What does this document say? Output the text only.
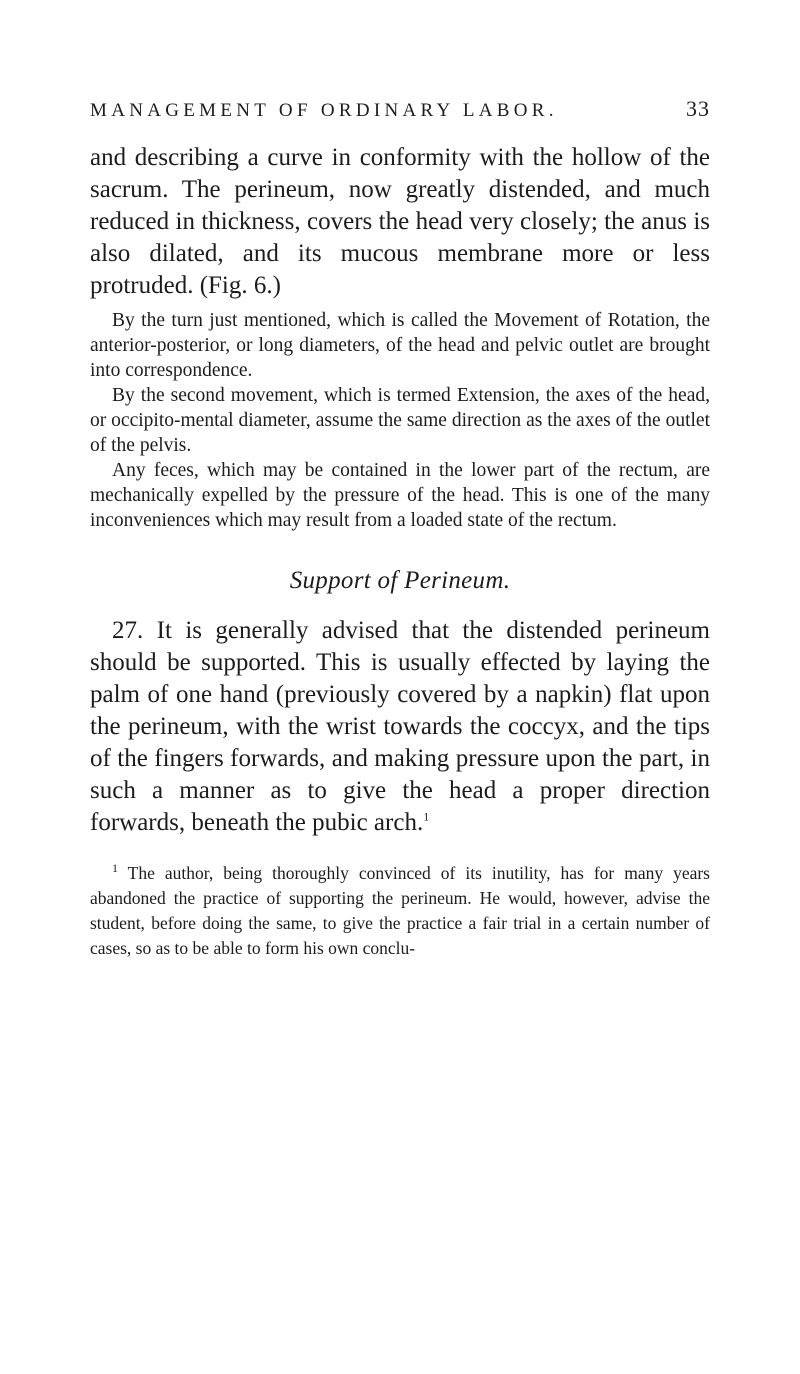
MANAGEMENT OF ORDINARY LABOR.	33

and describing a curve in conformity with the hollow of the sacrum. The perineum, now greatly distended, and much reduced in thickness, covers the head very closely; the anus is also dilated, and its mucous membrane more or less protruded. (Fig. 6.)

By the turn just mentioned, which is called the Movement of Rotation, the anterior-posterior, or long diameters, of the head and pelvic outlet are brought into correspondence.

By the second movement, which is termed Extension, the axes of the head, or occipito-mental diameter, assume the same direction as the axes of the outlet of the pelvis.

Any feces, which may be contained in the lower part of the rectum, are mechanically expelled by the pressure of the head. This is one of the many inconveniences which may result from a loaded state of the rectum.

Support of Perineum.

27. It is generally advised that the distended perineum should be supported. This is usually effected by laying the palm of one hand (previously covered by a napkin) flat upon the perineum, with the wrist towards the coccyx, and the tips of the fingers forwards, and making pressure upon the part, in such a manner as to give the head a proper direction forwards, beneath the pubic arch.$^1$

$^1$ The author, being thoroughly convinced of its inutility, has for many years abandoned the practice of supporting the perineum. He would, however, advise the student, before doing the same, to give the practice a fair trial in a certain number of cases, so as to be able to form his own conclu-
